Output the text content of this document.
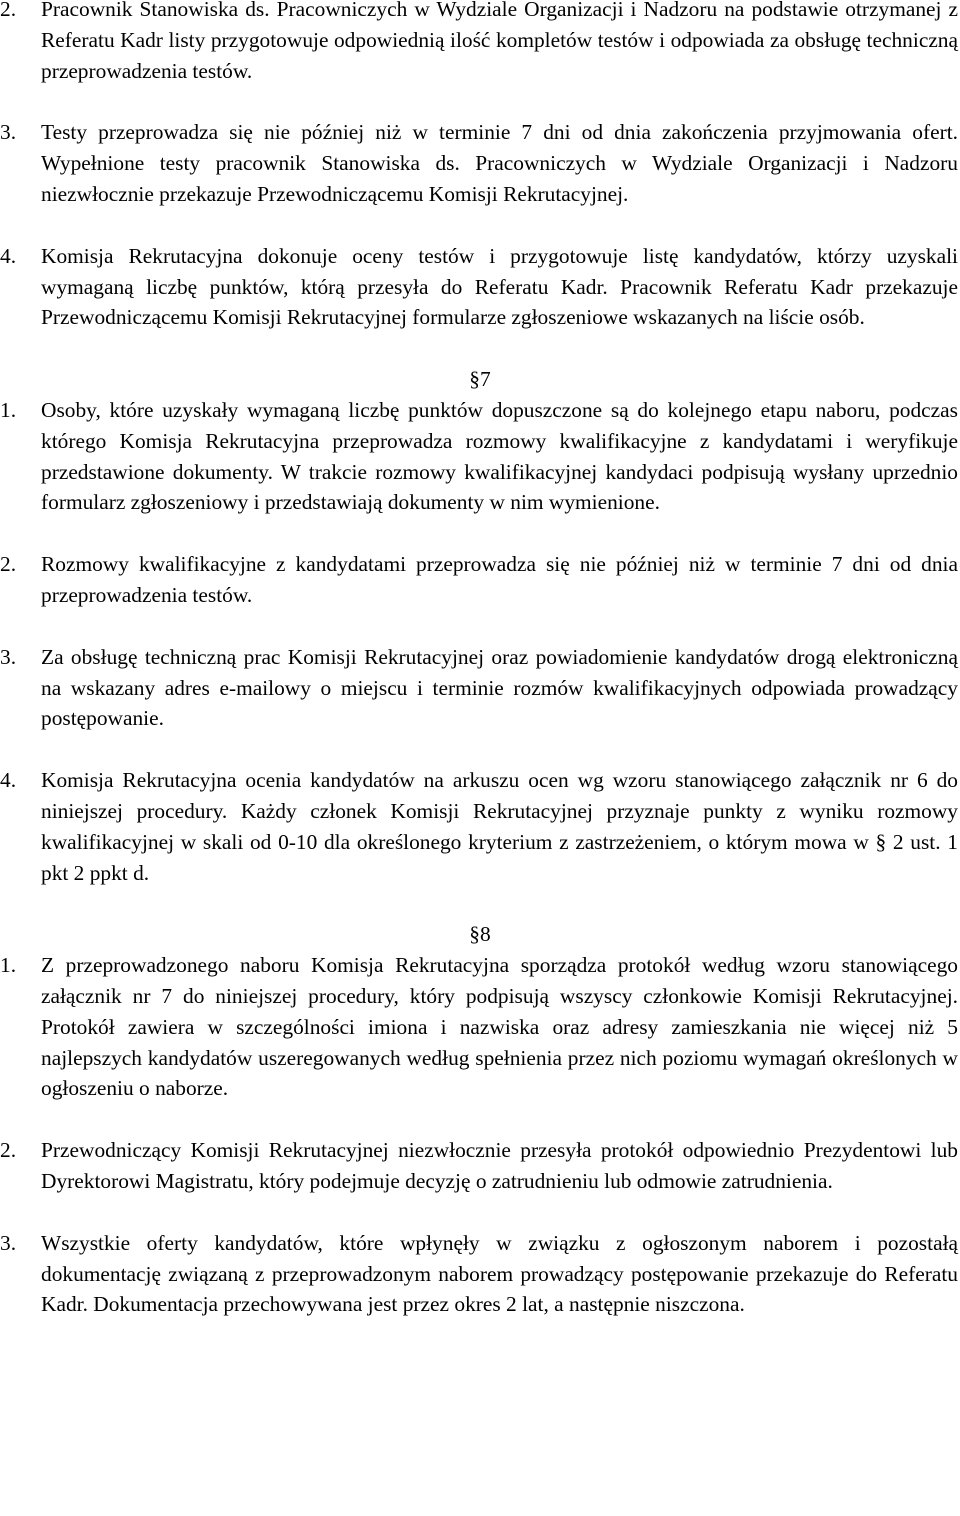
2. Pracownik Stanowiska ds. Pracowniczych w Wydziale Organizacji i Nadzoru na podstawie otrzymanej z Referatu Kadr listy przygotowuje odpowiednią ilość kompletów testów i odpowiada za obsługę techniczną przeprowadzenia testów.
3. Testy przeprowadza się nie później niż w terminie 7 dni od dnia zakończenia przyjmowania ofert. Wypełnione testy pracownik Stanowiska ds. Pracowniczych w Wydziale Organizacji i Nadzoru niezwłocznie przekazuje Przewodniczącemu Komisji Rekrutacyjnej.
4. Komisja Rekrutacyjna dokonuje oceny testów i przygotowuje listę kandydatów, którzy uzyskali wymaganą liczbę punktów, którą przesyła do Referatu Kadr. Pracownik Referatu Kadr przekazuje Przewodniczącemu Komisji Rekrutacyjnej formularze zgłoszeniowe wskazanych na liście osób.
§7
1. Osoby, które uzyskały wymaganą liczbę punktów dopuszczone są do kolejnego etapu naboru, podczas którego Komisja Rekrutacyjna przeprowadza rozmowy kwalifikacyjne z kandydatami i weryfikuje przedstawione dokumenty. W trakcie rozmowy kwalifikacyjnej kandydaci podpisują wysłany uprzednio formularz zgłoszeniowy i przedstawiają dokumenty w nim wymienione.
2. Rozmowy kwalifikacyjne z kandydatami przeprowadza się nie później niż w terminie 7 dni od dnia przeprowadzenia testów.
3. Za obsługę techniczną prac Komisji Rekrutacyjnej oraz powiadomienie kandydatów drogą elektroniczną na wskazany adres e-mailowy o miejscu i terminie rozmów kwalifikacyjnych odpowiada prowadzący postępowanie.
4. Komisja Rekrutacyjna ocenia kandydatów na arkuszu ocen wg wzoru stanowiącego załącznik nr 6 do niniejszej procedury. Każdy członek Komisji Rekrutacyjnej przyznaje punkty z wyniku rozmowy kwalifikacyjnej w skali od 0-10 dla określonego kryterium z zastrzeżeniem, o którym mowa w § 2 ust. 1 pkt 2 ppkt d.
§8
1. Z przeprowadzonego naboru Komisja Rekrutacyjna sporządza protokół według wzoru stanowiącego załącznik nr 7 do niniejszej procedury, który podpisują wszyscy członkowie Komisji Rekrutacyjnej. Protokół zawiera w szczególności imiona i nazwiska oraz adresy zamieszkania nie więcej niż 5 najlepszych kandydatów uszeregowanych według spełnienia przez nich poziomu wymagań określonych w ogłoszeniu o naborze.
2. Przewodniczący Komisji Rekrutacyjnej niezwłocznie przesyła protokół odpowiednio Prezydentowi lub Dyrektorowi Magistratu, który podejmuje decyzję o zatrudnieniu lub odmowie zatrudnienia.
3. Wszystkie oferty kandydatów, które wpłynęły w związku z ogłoszonym naborem i pozostałą dokumentację związaną z przeprowadzonym naborem prowadzący postępowanie przekazuje do Referatu Kadr. Dokumentacja przechowywana jest przez okres 2 lat, a następnie niszczona.
